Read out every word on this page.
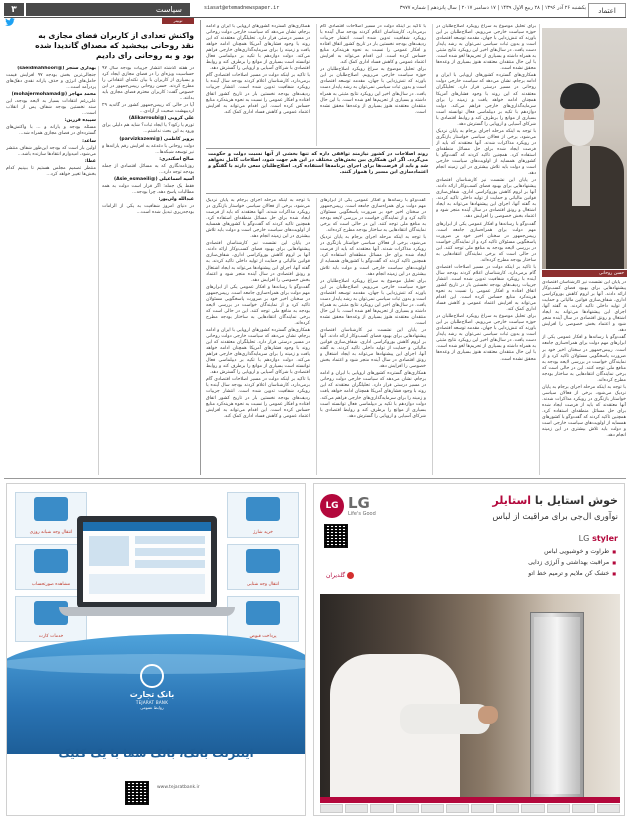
۳	سیاست	siasat@etemadnewspaper.ir	یکشنبه ۲۶ آذر ۱۳۹۶ | ۲۸ ربیع الاول ۱۴۳۹ | ۱۷ دسامبر ۲۰۱۷ | سال پانزدهم | شماره ۳۹۷۷	اعتماد
توییتر
واکنش تعدادی از کاربران فضای مجازی به نقد روحانی بیخشید که مصداق گاندیدا شده بود و به روحانی رای دادیم

در هفته گذشته انتشار جزییات بودجه سال ۹۷ حساسیت ویژه‌ای را در فضای مجازی ایجاد کرد و بسیاری از کاربران با بیان نکته‌ای انتقاداتی را مطرح کردند. حسن روحانی رییس‌جمهور در این خصوص گفت: کاربران محترم فضای مجازی باید بدانند...

آیا در حالی که رییس‌جمهور کشور در گاندید ۲۹ اردیبهشت صحبت از آزادی...

علی کروبی (@Alikarroubi)

تورم یا رکود؟ یا ایجاد ثبات؟ شاید هم دلیلی برای ورود به این بحث نداشتم...

پرویز کاظمی (@parvizkazemi)

دولت روحانی با دغدغه به افزایش رقم یارانه‌ها و نیز توسعه شبکه‌ها...

صالح اسکندری:

روزنامه‌نگاری که به مسائل اقتصادی از جمله بودجه توجه دارد...

آسیه اسماعیلی (@Asie_esmaeili)

فقط یک جمله: اگر قرار است دولت به همه مطالبات پاسخ دهد، چرا بودجه...

عبدالله ولی‌پور:

در دنیای امروز شفافیت به یکی از الزامات بودجه‌ریزی تبدیل شده است...

بهداری سنجر (@saeidmahhoori)

جنجالی‌ترین بخش بودجه ۹۷ افزایش قیمت حامل‌های انرژی و حذف یارانه نقدی دهک‌های پردرآمد است...

محمد مهاجر (@mohajermohamad)

علی‌رغم انتقادات بسیار به لایحه بودجه، این سند نخستین بودجه شفاف پس از انقلاب است...

سپیده فرزین:

مسئله بودجه و یارانه و ... با واکنش‌های گسترده‌ای در فضای مجازی همراه شد...

ساعد:

اولین بار است که بودجه این‌طور شفاف منتشر می‌شود، امیدوارم انتقادها سازنده باشد...

عطا:

منتظر تصمیم مجلس هستیم تا ببینیم کدام بخش‌ها تغییر خواهد کرد...

همکاری‌های گسترده کشورهای اروپایی با ایران و ادامه برجام، نشان می‌دهد که سیاست خارجی دولت روحانی در مسیر درستی قرار دارد. تحلیلگران معتقدند که این روند با وجود فشارهای آمریکا همچنان ادامه خواهد یافت و زمینه را برای سرمایه‌گذاری‌های خارجی فراهم می‌کند. دولت دوازدهم با تکیه بر دیپلماسی فعال توانسته است بسیاری از موانع را برطرف کند و روابط اقتصادی با شرکای آسیایی و اروپایی را گسترش دهد.

با تاکید بر اینکه دولت در مسیر اصلاحات اقتصادی گام برمی‌دارد، کارشناسان اعلام کردند بودجه سال آینده با رویکرد شفافیت تدوین شده است. انتشار جزییات ردیف‌های بودجه نخستین بار در تاریخ کشور اتفاق افتاده و افکار عمومی را نسبت به نحوه هزینه‌کرد منابع حساس کرده است. این اقدام می‌تواند به افزایش اعتماد عمومی و کاهش فساد اداری کمک کند.

با تاکید بر اینکه دولت در مسیر اصلاحات اقتصادی گام برمی‌دارد، کارشناسان اعلام کردند بودجه سال آینده با رویکرد شفافیت تدوین شده است. انتشار جزییات ردیف‌های بودجه نخستین بار در تاریخ کشور اتفاق افتاده و افکار عمومی را نسبت به نحوه هزینه‌کرد منابع حساس کرده است. این اقدام می‌تواند به افزایش اعتماد عمومی و کاهش فساد اداری کمک کند.

برای تحلیل موضوع به سراغ رویکرد اصلاح‌طلبان در حوزه سیاست خارجی می‌رویم. اصلاح‌طلبان بر این باورند که تنش‌زدایی با جهان، مقدمه توسعه اقتصادی است و بدون ثبات سیاسی نمی‌توان به رشد پایدار دست یافت. در سال‌های اخیر این رویکرد نتایج مثبتی به همراه داشته و بسیاری از تحریم‌ها لغو شده است. با این حال منتقدان معتقدند هنوز بسیاری از وعده‌ها محقق نشده است.

برای تحلیل موضوع به سراغ رویکرد اصلاح‌طلبان در حوزه سیاست خارجی می‌رویم. اصلاح‌طلبان بر این باورند که تنش‌زدایی با جهان، مقدمه توسعه اقتصادی است و بدون ثبات سیاسی نمی‌توان به رشد پایدار دست یافت. در سال‌های اخیر این رویکرد نتایج مثبتی به همراه داشته و بسیاری از تحریم‌ها لغو شده است. با این حال منتقدان معتقدند هنوز بسیاری از وعده‌ها محقق نشده است.

همکاری‌های گسترده کشورهای اروپایی با ایران و ادامه برجام، نشان می‌دهد که سیاست خارجی دولت روحانی در مسیر درستی قرار دارد. تحلیلگران معتقدند که این روند با وجود فشارهای آمریکا همچنان ادامه خواهد یافت و زمینه را برای سرمایه‌گذاری‌های خارجی فراهم می‌کند. دولت دوازدهم با تکیه بر دیپلماسی فعال توانسته است بسیاری از موانع را برطرف کند و روابط اقتصادی با شرکای آسیایی و اروپایی را گسترش دهد.

با توجه به اینکه مرحله اجرای برجام به پایان نزدیک می‌شود، برخی از فعالان سیاسی خواستار بازنگری در رویکرد مذاکرات شدند. آنها معتقدند که باید از فرصت ایجاد شده برای حل مسائل منطقه‌ای استفاده کرد. همچنین تاکید کردند که گفت‌وگو با کشورهای همسایه از اولویت‌های سیاست خارجی است و دولت باید تلاش بیشتری در این زمینه انجام دهد.

در پایان این نشست نیز کارشناسان اقتصادی پیشنهادهایی برای بهبود فضای کسب‌وکار ارائه دادند. آنها بر لزوم کاهش بوروکراسی اداری، شفاف‌سازی قوانین مالیاتی و حمایت از تولید داخلی تاکید کردند. به گفته آنها، اجرای این پیشنهادها می‌تواند به ایجاد اشتغال و رونق اقتصادی در سال آینده منجر شود و اعتماد بخش خصوصی را افزایش دهد.

گفت‌وگو با رسانه‌ها و افکار عمومی یکی از ابزارهای مهم دولت برای همراه‌سازی جامعه است. رییس‌جمهور در سخنان اخیر خود بر ضرورت پاسخگویی مسئولان تاکید کرد و از نمایندگان خواست در بررسی لایحه بودجه به منافع ملی توجه کنند. این در حالی است که برخی نمایندگان انتقادهایی به ساختار بودجه مطرح کرده‌اند.

با تاکید بر اینکه دولت در مسیر اصلاحات اقتصادی گام برمی‌دارد، کارشناسان اعلام کردند بودجه سال آینده با رویکرد شفافیت تدوین شده است. انتشار جزییات ردیف‌های بودجه نخستین بار در تاریخ کشور اتفاق افتاده و افکار عمومی را نسبت به نحوه هزینه‌کرد منابع حساس کرده است. این اقدام می‌تواند به افزایش اعتماد عمومی و کاهش فساد اداری کمک کند.

برای تحلیل موضوع به سراغ رویکرد اصلاح‌طلبان در حوزه سیاست خارجی می‌رویم. اصلاح‌طلبان بر این باورند که تنش‌زدایی با جهان، مقدمه توسعه اقتصادی است و بدون ثبات سیاسی نمی‌توان به رشد پایدار دست یافت. در سال‌های اخیر این رویکرد نتایج مثبتی به همراه داشته و بسیاری از تحریم‌ها لغو شده است. با این حال منتقدان معتقدند هنوز بسیاری از وعده‌ها محقق نشده است.

روند اصلاحات در کشور نیازمند توافقی داره که تنها بخشی از آنها نسبت دولت و حکومت می‌گردد. اگر این همکاری بین بخش‌های مختلف در این هم جهت شود، اصلاحات کامل نخواهد شد و باید از فرصت‌ها برای اجرای برنامه‌ها استفاده کرد. اصلاح‌طلبان سعی دارند با گفتگو و اعتمادسازی این مسیر را هموار کنند.

با توجه به اینکه مرحله اجرای برجام به پایان نزدیک می‌شود، برخی از فعالان سیاسی خواستار بازنگری در رویکرد مذاکرات شدند. آنها معتقدند که باید از فرصت ایجاد شده برای حل مسائل منطقه‌ای استفاده کرد. همچنین تاکید کردند که گفت‌وگو با کشورهای همسایه از اولویت‌های سیاست خارجی است و دولت باید تلاش بیشتری در این زمینه انجام دهد.

در پایان این نشست نیز کارشناسان اقتصادی پیشنهادهایی برای بهبود فضای کسب‌وکار ارائه دادند. آنها بر لزوم کاهش بوروکراسی اداری، شفاف‌سازی قوانین مالیاتی و حمایت از تولید داخلی تاکید کردند. به گفته آنها، اجرای این پیشنهادها می‌تواند به ایجاد اشتغال و رونق اقتصادی در سال آینده منجر شود و اعتماد بخش خصوصی را افزایش دهد.

گفت‌وگو با رسانه‌ها و افکار عمومی یکی از ابزارهای مهم دولت برای همراه‌سازی جامعه است. رییس‌جمهور در سخنان اخیر خود بر ضرورت پاسخگویی مسئولان تاکید کرد و از نمایندگان خواست در بررسی لایحه بودجه به منافع ملی توجه کنند. این در حالی است که برخی نمایندگان انتقادهایی به ساختار بودجه مطرح کرده‌اند.

همکاری‌های گسترده کشورهای اروپایی با ایران و ادامه برجام، نشان می‌دهد که سیاست خارجی دولت روحانی در مسیر درستی قرار دارد. تحلیلگران معتقدند که این روند با وجود فشارهای آمریکا همچنان ادامه خواهد یافت و زمینه را برای سرمایه‌گذاری‌های خارجی فراهم می‌کند. دولت دوازدهم با تکیه بر دیپلماسی فعال توانسته است بسیاری از موانع را برطرف کند و روابط اقتصادی با شرکای آسیایی و اروپایی را گسترش دهد.

با تاکید بر اینکه دولت در مسیر اصلاحات اقتصادی گام برمی‌دارد، کارشناسان اعلام کردند بودجه سال آینده با رویکرد شفافیت تدوین شده است. انتشار جزییات ردیف‌های بودجه نخستین بار در تاریخ کشور اتفاق افتاده و افکار عمومی را نسبت به نحوه هزینه‌کرد منابع حساس کرده است. این اقدام می‌تواند به افزایش اعتماد عمومی و کاهش فساد اداری کمک کند.

گفت‌وگو با رسانه‌ها و افکار عمومی یکی از ابزارهای مهم دولت برای همراه‌سازی جامعه است. رییس‌جمهور در سخنان اخیر خود بر ضرورت پاسخگویی مسئولان تاکید کرد و از نمایندگان خواست در بررسی لایحه بودجه به منافع ملی توجه کنند. این در حالی است که برخی نمایندگان انتقادهایی به ساختار بودجه مطرح کرده‌اند.

با توجه به اینکه مرحله اجرای برجام به پایان نزدیک می‌شود، برخی از فعالان سیاسی خواستار بازنگری در رویکرد مذاکرات شدند. آنها معتقدند که باید از فرصت ایجاد شده برای حل مسائل منطقه‌ای استفاده کرد. همچنین تاکید کردند که گفت‌وگو با کشورهای همسایه از اولویت‌های سیاست خارجی است و دولت باید تلاش بیشتری در این زمینه انجام دهد.

برای تحلیل موضوع به سراغ رویکرد اصلاح‌طلبان در حوزه سیاست خارجی می‌رویم. اصلاح‌طلبان بر این باورند که تنش‌زدایی با جهان، مقدمه توسعه اقتصادی است و بدون ثبات سیاسی نمی‌توان به رشد پایدار دست یافت. در سال‌های اخیر این رویکرد نتایج مثبتی به همراه داشته و بسیاری از تحریم‌ها لغو شده است. با این حال منتقدان معتقدند هنوز بسیاری از وعده‌ها محقق نشده است.

در پایان این نشست نیز کارشناسان اقتصادی پیشنهادهایی برای بهبود فضای کسب‌وکار ارائه دادند. آنها بر لزوم کاهش بوروکراسی اداری، شفاف‌سازی قوانین مالیاتی و حمایت از تولید داخلی تاکید کردند. به گفته آنها، اجرای این پیشنهادها می‌تواند به ایجاد اشتغال و رونق اقتصادی در سال آینده منجر شود و اعتماد بخش خصوصی را افزایش دهد.

همکاری‌های گسترده کشورهای اروپایی با ایران و ادامه برجام، نشان می‌دهد که سیاست خارجی دولت روحانی در مسیر درستی قرار دارد. تحلیلگران معتقدند که این روند با وجود فشارهای آمریکا همچنان ادامه خواهد یافت و زمینه را برای سرمایه‌گذاری‌های خارجی فراهم می‌کند. دولت دوازدهم با تکیه بر دیپلماسی فعال توانسته است بسیاری از موانع را برطرف کند و روابط اقتصادی با شرکای آسیایی و اروپایی را گسترش دهد.

حسن روحانی

در پایان این نشست نیز کارشناسان اقتصادی پیشنهادهایی برای بهبود فضای کسب‌وکار ارائه دادند. آنها بر لزوم کاهش بوروکراسی اداری، شفاف‌سازی قوانین مالیاتی و حمایت از تولید داخلی تاکید کردند. به گفته آنها، اجرای این پیشنهادها می‌تواند به ایجاد اشتغال و رونق اقتصادی در سال آینده منجر شود و اعتماد بخش خصوصی را افزایش دهد.

گفت‌وگو با رسانه‌ها و افکار عمومی یکی از ابزارهای مهم دولت برای همراه‌سازی جامعه است. رییس‌جمهور در سخنان اخیر خود بر ضرورت پاسخگویی مسئولان تاکید کرد و از نمایندگان خواست در بررسی لایحه بودجه به منافع ملی توجه کنند. این در حالی است که برخی نمایندگان انتقادهایی به ساختار بودجه مطرح کرده‌اند.

با توجه به اینکه مرحله اجرای برجام به پایان نزدیک می‌شود، برخی از فعالان سیاسی خواستار بازنگری در رویکرد مذاکرات شدند. آنها معتقدند که باید از فرصت ایجاد شده برای حل مسائل منطقه‌ای استفاده کرد. همچنین تاکید کردند که گفت‌وگو با کشورهای همسایه از اولویت‌های سیاست خارجی است و دولت باید تلاش بیشتری در این زمینه انجام دهد.

انتقال وجه شبانه روزی	خرید شارژ
مشاهده صورتحساب	انتقال وجه شتابی
خدمات کارت	پرداخت قبوض
بانک تجارت
TEJARAT BANK
روابط عمومی
اینترنت بانک، بانک شما با یک کلیک
www.tejaratbank.ir
LG LG
Life's Good
خوش استایل با استایلر
نوآوری ال‌جی برای مراقبت از لباس
LG styler
■ طراوت و خوشبویی لباس
■ مراقبت بهداشتی و آلرژی زدایی
■ خشک کن ملایم و ترمیم خط اتو
گلدیران
